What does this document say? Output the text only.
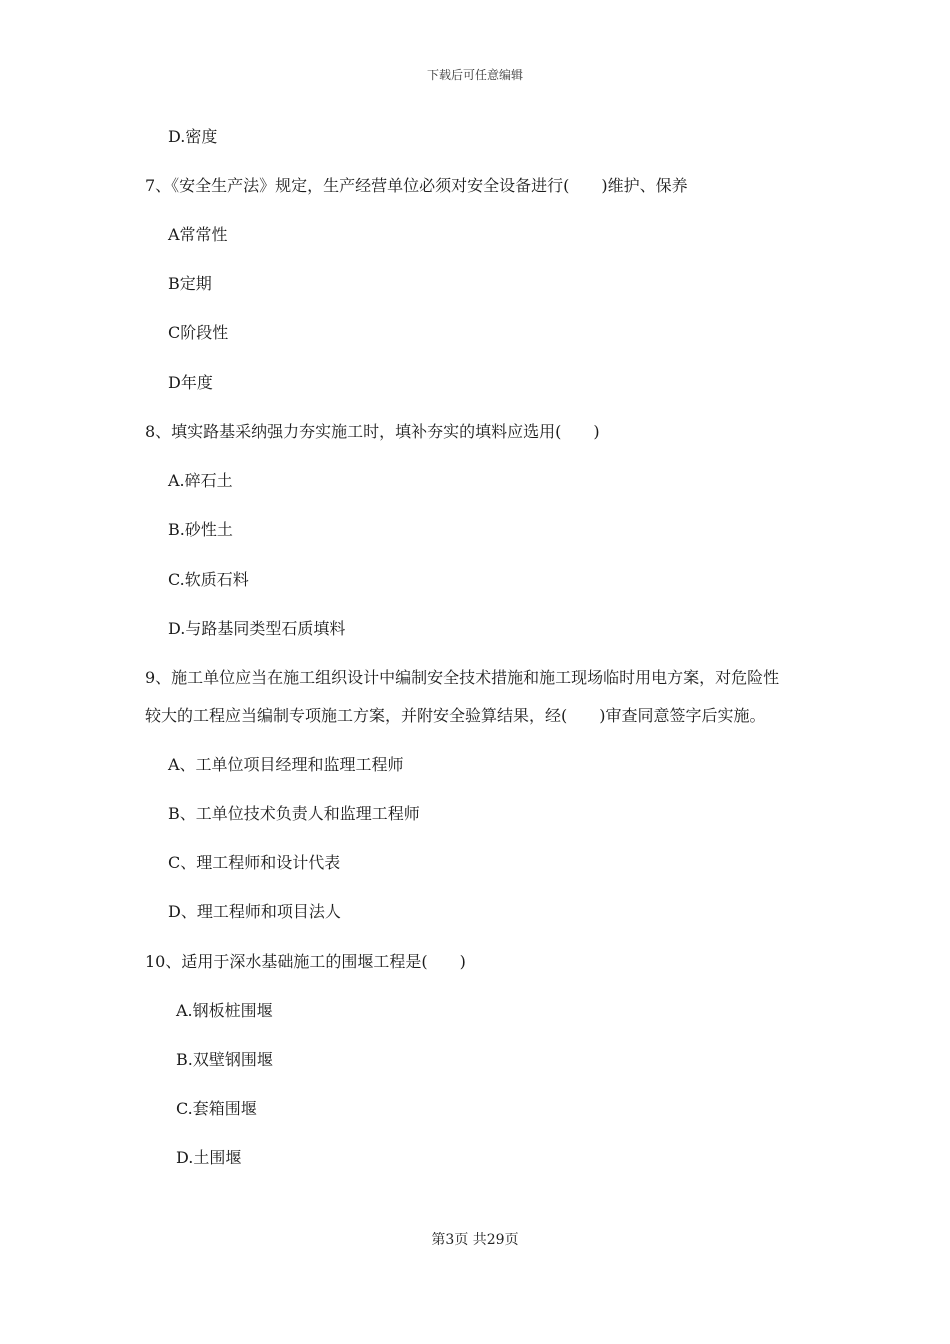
下载后可任意编辑
D.密度
7、《安全生产法》规定，生产经营单位必须对安全设备进行(　　)维护、保养
A常常性
B定期
C阶段性
D年度
8、填实路基采纳强力夯实施工时，填补夯实的填料应选用(　　)
A.碎石土
B.砂性土
C.软质石料
D.与路基同类型石质填料
9、施工单位应当在施工组织设计中编制安全技术措施和施工现场临时用电方案，对危险性
较大的工程应当编制专项施工方案，并附安全验算结果，经(　　)审查同意签字后实施。
A、工单位项目经理和监理工程师
B、工单位技术负责人和监理工程师
C、理工程师和设计代表
D、理工程师和项目法人
10、适用于深水基础施工的围堰工程是(　　)
A.钢板桩围堰
B.双壁钢围堰
C.套箱围堰
D.土围堰
第3页 共29页
